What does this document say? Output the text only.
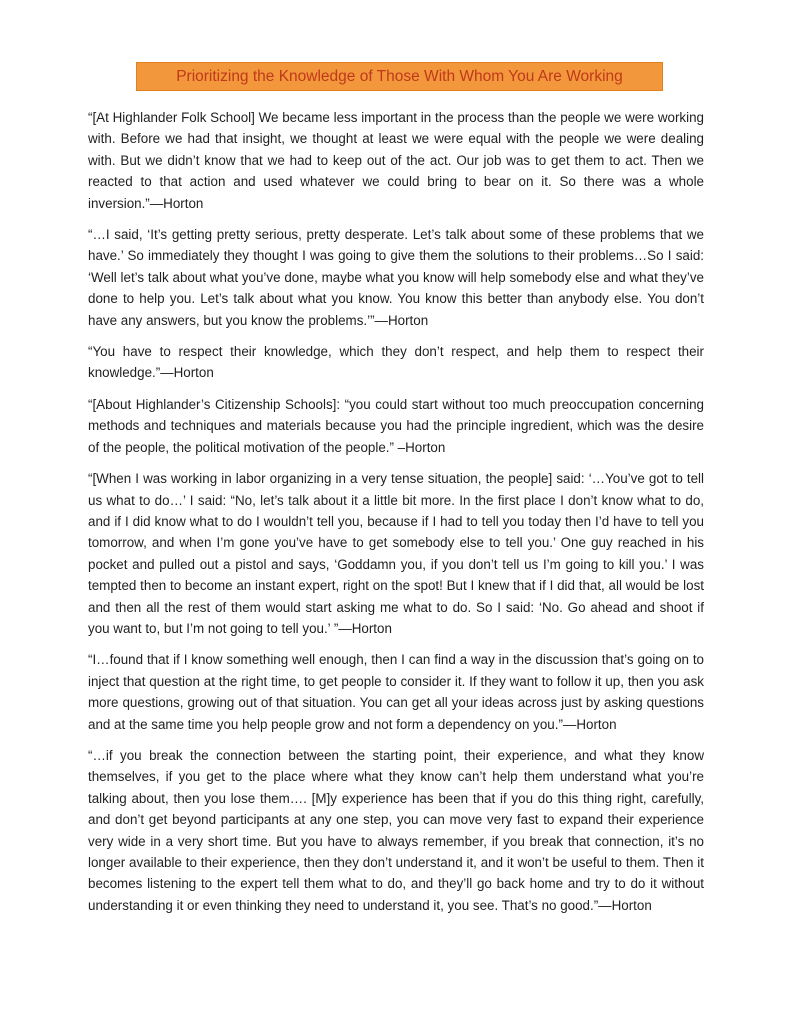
Prioritizing the Knowledge of Those With Whom You Are Working

“[At Highlander Folk School] We became less important in the process than the people we were working with. Before we had that insight, we thought at least we were equal with the people we were dealing with. But we didn’t know that we had to keep out of the act. Our job was to get them to act. Then we reacted to that action and used whatever we could bring to bear on it. So there was a whole inversion.”—Horton

“…I said, ‘It’s getting pretty serious, pretty desperate. Let’s talk about some of these problems that we have.’ So immediately they thought I was going to give them the solutions to their problems…So I said: ‘Well let’s talk about what you’ve done, maybe what you know will help somebody else and what they’ve done to help you. Let’s talk about what you know. You know this better than anybody else. You don’t have any answers, but you know the problems.’”—Horton

“You have to respect their knowledge, which they don’t respect, and help them to respect their knowledge.”—Horton

“[About Highlander’s Citizenship Schools]: “you could start without too much preoccupation concerning methods and techniques and materials because you had the principle ingredient, which was the desire of the people, the political motivation of the people.” –Horton

“[When I was working in labor organizing in a very tense situation, the people] said: ‘…You’ve got to tell us what to do…’ I said: “No, let’s talk about it a little bit more. In the first place I don’t know what to do, and if I did know what to do I wouldn’t tell you, because if I had to tell you today then I’d have to tell you tomorrow, and when I’m gone you’ve have to get somebody else to tell you.’ One guy reached in his pocket and pulled out a pistol and says, ‘Goddamn you, if you don’t tell us I’m going to kill you.’ I was tempted then to become an instant expert, right on the spot! But I knew that if I did that, all would be lost and then all the rest of them would start asking me what to do. So I said: ‘No. Go ahead and shoot if you want to, but I’m not going to tell you.’ ”—Horton

“I…found that if I know something well enough, then I can find a way in the discussion that’s going on to inject that question at the right time, to get people to consider it. If they want to follow it up, then you ask more questions, growing out of that situation. You can get all your ideas across just by asking questions and at the same time you help people grow and not form a dependency on you.”—Horton

“…if you break the connection between the starting point, their experience, and what they know themselves, if you get to the place where what they know can’t help them understand what you’re talking about, then you lose them…. [M]y experience has been that if you do this thing right, carefully, and don’t get beyond participants at any one step, you can move very fast to expand their experience very wide in a very short time. But you have to always remember, if you break that connection, it’s no longer available to their experience, then they don’t understand it, and it won’t be useful to them. Then it becomes listening to the expert tell them what to do, and they’ll go back home and try to do it without understanding it or even thinking they need to understand it, you see. That’s no good.”—Horton
